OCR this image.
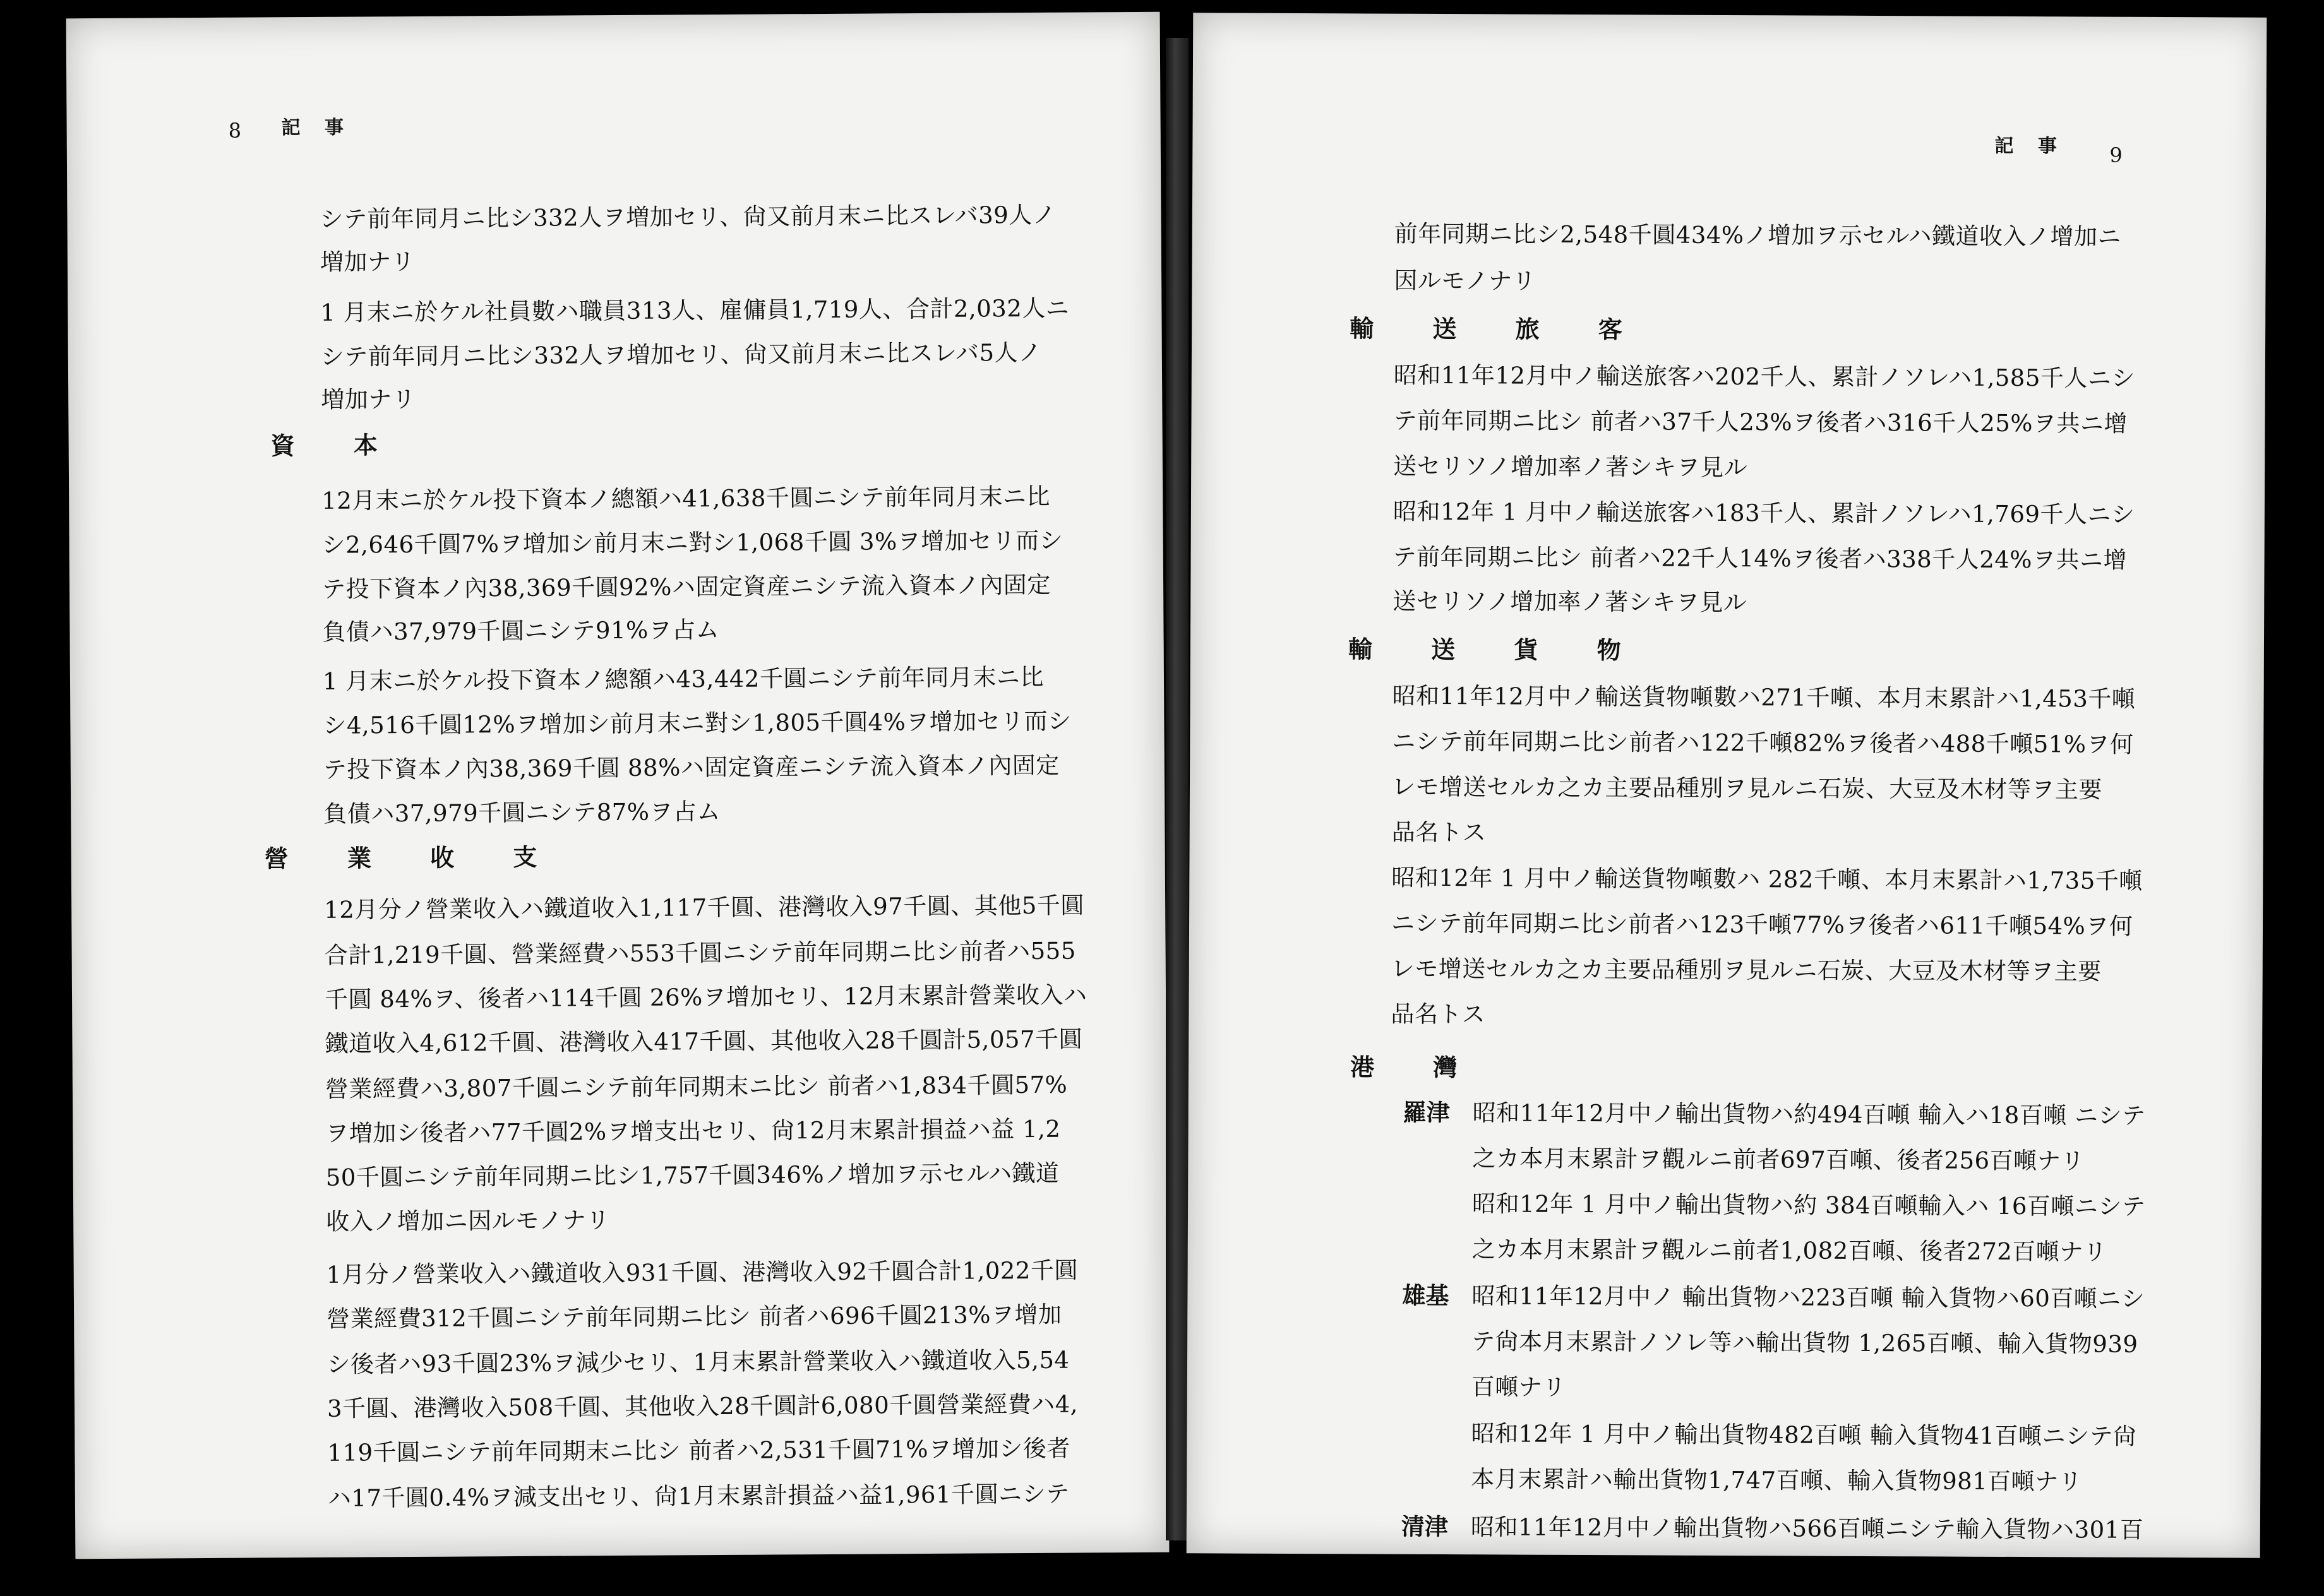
8 記 事
シテ前年同月ニ比シ332人ヲ増加セリ、尙又前月末ニ比スレバ39人ノ
増加ナリ
1 月末ニ於ケル社員數ハ職員313人、雇傭員1,719人、合計2,032人ニ
シテ前年同月ニ比シ332人ヲ増加セリ、尙又前月末ニ比スレバ5人ノ
増加ナリ
資 本
12月末ニ於ケル投下資本ノ總額ハ41,638千圓ニシテ前年同月末ニ比
シ2,646千圓7%ヲ增加シ前月末ニ對シ1,068千圓 3%ヲ增加セリ而シ
テ投下資本ノ內38,369千圓92%ハ固定資産ニシテ流入資本ノ內固定
負債ハ37,979千圓ニシテ91%ヲ占ム
1 月末ニ於ケル投下資本ノ總額ハ43,442千圓ニシテ前年同月末ニ比
シ4,516千圓12%ヲ增加シ前月末ニ對シ1,805千圓4%ヲ增加セリ而シ
テ投下資本ノ內38,369千圓 88%ハ固定資産ニシテ流入資本ノ內固定
負債ハ37,979千圓ニシテ87%ヲ占ム
營 業 收 支
12月分ノ營業收入ハ鐵道收入1,117千圓、港灣收入97千圓、其他5千圓
合計1,219千圓、營業經費ハ553千圓ニシテ前年同期ニ比シ前者ハ555
千圓 84%ヲ、後者ハ114千圓 26%ヲ增加セリ、12月末累計營業收入ハ
鐵道收入4,612千圓、港灣收入417千圓、其他收入28千圓計5,057千圓
營業經費ハ3,807千圓ニシテ前年同期末ニ比シ 前者ハ1,834千圓57%
ヲ増加シ後者ハ77千圓2%ヲ增支出セリ、尙12月末累計損益ハ益 1,2
50千圓ニシテ前年同期ニ比シ1,757千圓346%ノ增加ヲ示セルハ鐵道
收入ノ增加ニ因ルモノナリ
1月分ノ營業收入ハ鐵道收入931千圓、港灣收入92千圓合計1,022千圓
營業經費312千圓ニシテ前年同期ニ比シ 前者ハ696千圓213%ヲ增加
シ後者ハ93千圓23%ヲ減少セリ、1月末累計營業收入ハ鐵道收入5,54
3千圓、港灣收入508千圓、其他收入28千圓計6,080千圓營業經費ハ4,
119千圓ニシテ前年同期末ニ比シ 前者ハ2,531千圓71%ヲ增加シ後者
ハ17千圓0.4%ヲ減支出セリ、尙1月末累計損益ハ益1,961千圓ニシテ
記 事 9
前年同期ニ比シ2,548千圓434%ノ增加ヲ示セルハ鐵道收入ノ增加ニ
因ルモノナリ
輸 送 旅 客
昭和11年12月中ノ輸送旅客ハ202千人、累計ノソレハ1,585千人ニシ
テ前年同期ニ比シ 前者ハ37千人23%ヲ後者ハ316千人25%ヲ共ニ增
送セリソノ增加率ノ著シキヲ見ル
昭和12年 1 月中ノ輸送旅客ハ183千人、累計ノソレハ1,769千人ニシ
テ前年同期ニ比シ 前者ハ22千人14%ヲ後者ハ338千人24%ヲ共ニ增
送セリソノ增加率ノ著シキヲ見ル
輸 送 貨 物
昭和11年12月中ノ輸送貨物噸數ハ271千噸、本月末累計ハ1,453千噸
ニシテ前年同期ニ比シ前者ハ122千噸82%ヲ後者ハ488千噸51%ヲ何
レモ增送セルカ之カ主要品種別ヲ見ルニ石炭、大豆及木材等ヲ主要
品名トス
昭和12年 1 月中ノ輸送貨物噸數ハ 282千噸、本月末累計ハ1,735千噸
ニシテ前年同期ニ比シ前者ハ123千噸77%ヲ後者ハ611千噸54%ヲ何
レモ增送セルカ之カ主要品種別ヲ見ルニ石炭、大豆及木材等ヲ主要
品名トス
港 灣
羅津 昭和11年12月中ノ輸出貨物ハ約494百噸 輸入ハ18百噸 ニシテ
之カ本月末累計ヲ觀ルニ前者697百噸、後者256百噸ナリ
昭和12年 1 月中ノ輸出貨物ハ約 384百噸輸入ハ 16百噸ニシテ
之カ本月末累計ヲ觀ルニ前者1,082百噸、後者272百噸ナリ
雄基 昭和11年12月中ノ 輸出貨物ハ223百噸 輸入貨物ハ60百噸ニシ
テ尙本月末累計ノソレ等ハ輸出貨物 1,265百噸、輸入貨物939
百噸ナリ
昭和12年 1 月中ノ輸出貨物482百噸 輸入貨物41百噸ニシテ尙
本月末累計ハ輸出貨物1,747百噸、輸入貨物981百噸ナリ
清津 昭和11年12月中ノ輸出貨物ハ566百噸ニシテ輸入貨物ハ301百
